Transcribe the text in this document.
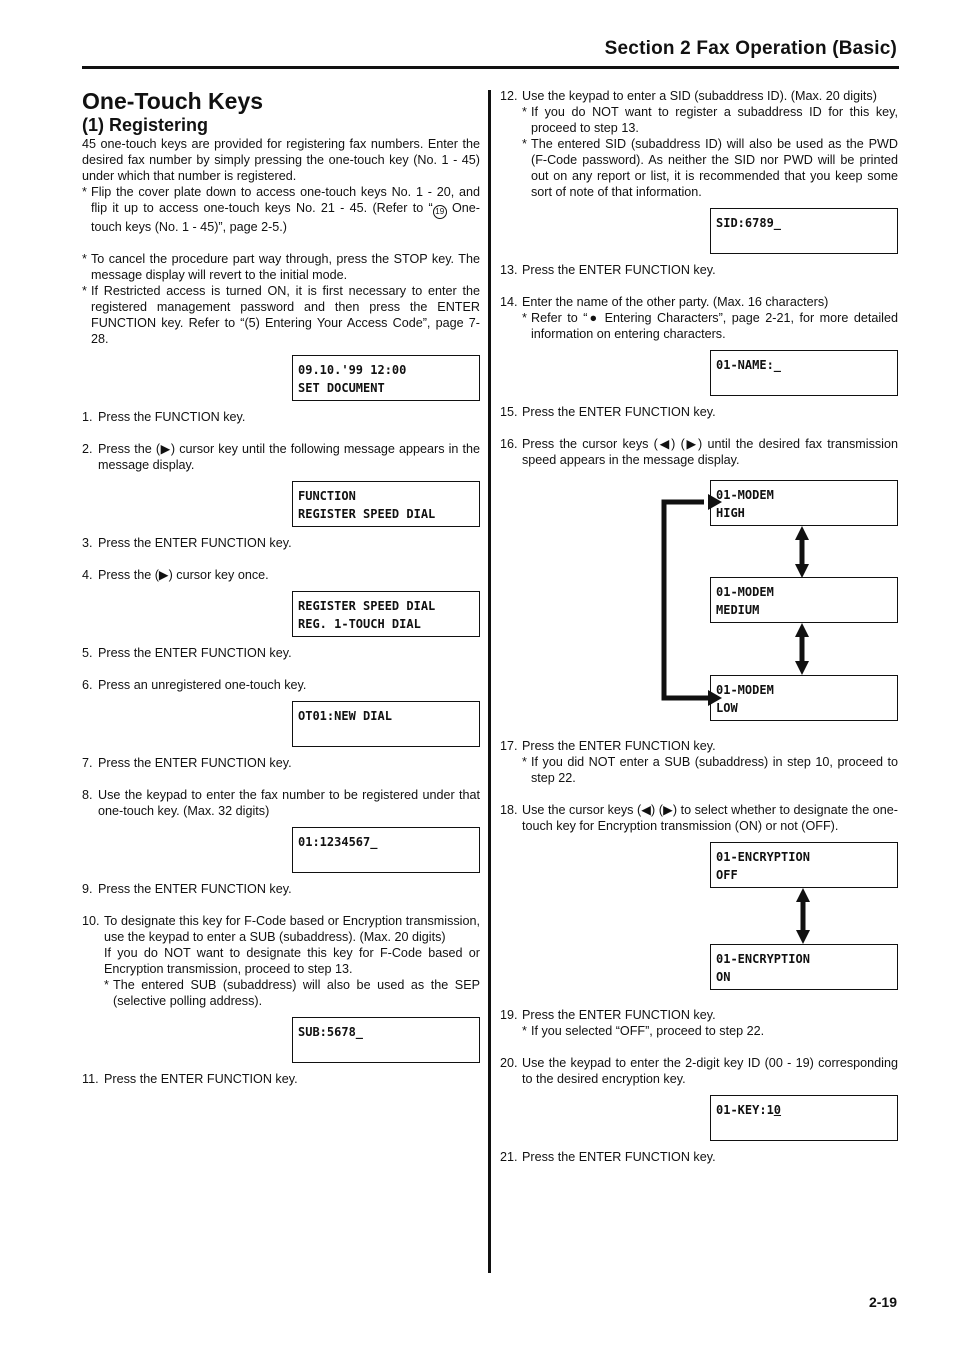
Section 2 Fax Operation (Basic)
One-Touch Keys
(1) Registering
45 one-touch keys are provided for registering fax numbers. Enter the desired fax number by simply pressing the one-touch key (No. 1 - 45) under which that number is registered.
* Flip the cover plate down to access one-touch keys No. 1 - 20, and flip it up to access one-touch keys No. 21 - 45. (Refer to “ 19 One-touch keys (No. 1 - 45)”, page 2-5.)
* To cancel the procedure part way through, press the STOP key. The message display will revert to the initial mode.
* If Restricted access is turned ON, it is first necessary to enter the registered management password and then press the ENTER FUNCTION key. Refer to “(5) Entering Your Access Code”, page 7-28.
09.10.'99 12:00
SET DOCUMENT
1. Press the FUNCTION key.
2. Press the (▶) cursor key until the following message appears in the message display.
FUNCTION
REGISTER SPEED DIAL
3. Press the ENTER FUNCTION key.
4. Press the (▶) cursor key once.
REGISTER SPEED DIAL
REG. 1-TOUCH DIAL
5. Press the ENTER FUNCTION key.
6. Press an unregistered one-touch key.
OT01:NEW DIAL
7. Press the ENTER FUNCTION key.
8. Use the keypad to enter the fax number to be registered under that one-touch key. (Max. 32 digits)
01:1234567_
9. Press the ENTER FUNCTION key.
10. To designate this key for F-Code based or Encryption transmission, use the keypad to enter a SUB (subaddress). (Max. 20 digits)
If you do NOT want to designate this key for F-Code based or Encryption transmission, proceed to step 13.
* The entered SUB (subaddress) will also be used as the SEP (selective polling address).
SUB:5678_
11. Press the ENTER FUNCTION key.
12. Use the keypad to enter a SID (subaddress ID). (Max. 20 digits)
* If you do NOT want to register a subaddress ID for this key, proceed to step 13.
* The entered SID (subaddress ID) will also be used as the PWD (F-Code password). As neither the SID nor PWD will be printed out on any report or list, it is recommended that you keep some sort of note of that information.
SID:6789_
13. Press the ENTER FUNCTION key.
14. Enter the name of the other party. (Max. 16 characters)
* Refer to “● Entering Characters”, page 2-21, for more detailed information on entering characters.
01-NAME:_
15. Press the ENTER FUNCTION key.
16. Press the cursor keys (◀) (▶) until the desired fax transmission speed appears in the message display.
01-MODEM
HIGH
01-MODEM
MEDIUM
01-MODEM
LOW
17. Press the ENTER FUNCTION key.
* If you did NOT enter a SUB (subaddress) in step 10, proceed to step 22.
18. Use the cursor keys (◀) (▶) to select whether to designate the one-touch key for Encryption transmission (ON) or not (OFF).
01-ENCRYPTION
OFF
01-ENCRYPTION
ON
19. Press the ENTER FUNCTION key.
* If you selected “OFF”, proceed to step 22.
20. Use the keypad to enter the 2-digit key ID (00 - 19) corresponding to the desired encryption key.
01-KEY:10
21. Press the ENTER FUNCTION key.
2-19
